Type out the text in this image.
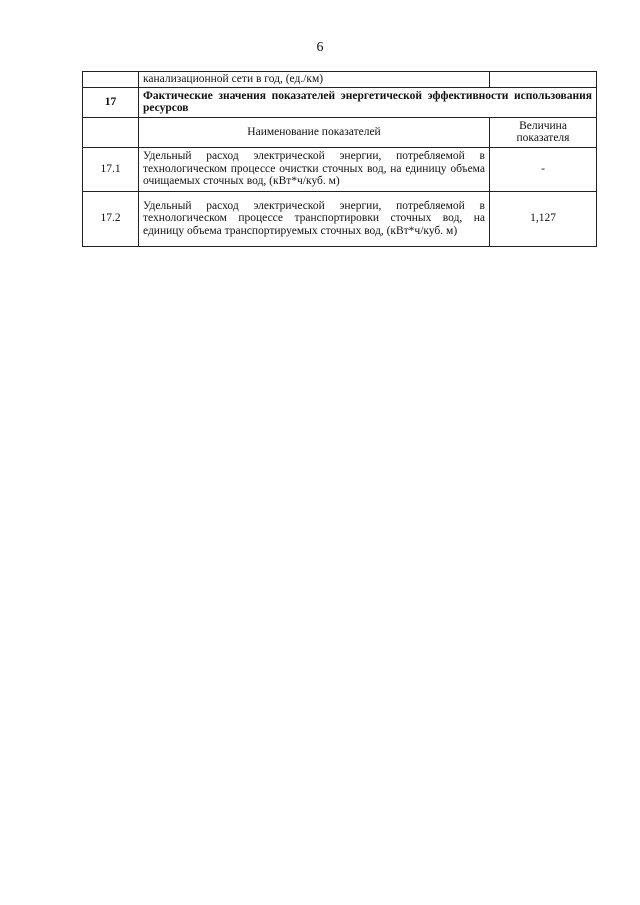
6
	канализационной сети в год, (ед./км)	
17	Фактические значения показателей энергетической эффективности использования ресурсов	
	Наименование показателей	Величина показателя
17.1	Удельный расход электрической энергии, потребляемой в технологическом процессе очистки сточных вод, на единицу объема очищаемых сточных вод, (кВт*ч/куб. м)	-
17.2	Удельный расход электрической энергии, потребляемой в технологическом процессе транспортировки сточных вод, на единицу объема транспортируемых сточных вод, (кВт*ч/куб. м)	1,127
